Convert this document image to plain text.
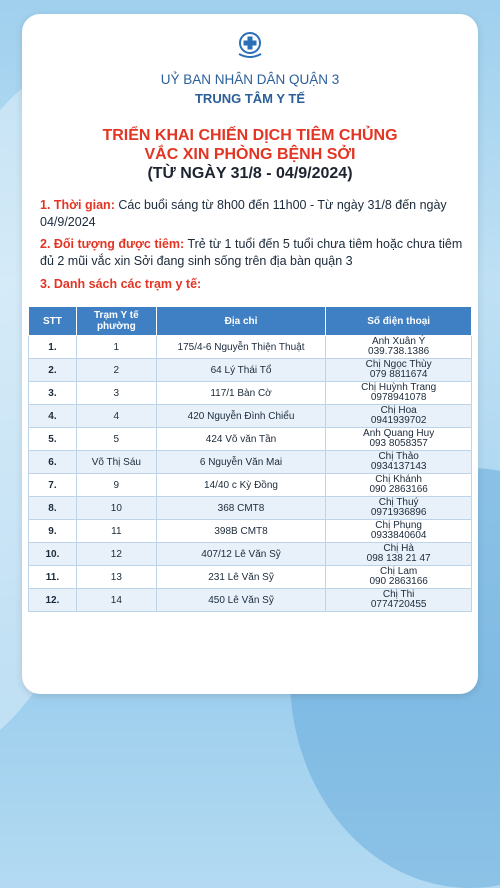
UỶ BAN NHÂN DÂN QUẬN 3
TRUNG TÂM Y TẾ
TRIỂN KHAI CHIẾN DỊCH TIÊM CHỦNG
VẮC XIN PHÒNG BỆNH SỞI
(TỪ NGÀY 31/8 - 04/9/2024)
1. Thời gian: Các buổi sáng từ 8h00 đến 11h00 - Từ ngày 31/8 đến ngày 04/9/2024
2. Đối tượng được tiêm: Trẻ từ 1 tuổi đến 5 tuổi chưa tiêm hoặc chưa tiêm đủ 2 mũi vắc xin Sởi đang sinh sống trên địa bàn quận 3
3. Danh sách các trạm y tế:
STT	Trạm Y tế phường	Địa chỉ	Số điện thoại
1.	1	175/4-6 Nguyễn Thiện Thuật	Anh Xuân Ý
039.738.1386

2.	2	64 Lý Thái Tổ	Chị Ngọc Thùy
079 8811674

3.	3	117/1 Bàn Cờ	Chị Huỳnh Trang
0978941078

4.	4	420 Nguyễn Đình Chiểu	Chị Hoa
0941939702

5.	5	424 Võ văn Tần	Anh Quang Huy
093 8058357

6.	Võ Thị Sáu	6 Nguyễn Văn Mai	Chị Thảo
0934137143

7.	9	14/40 c Kỳ Đồng	Chị Khánh
090 2863166

8.	10	368 CMT8	Chị Thuý
0971936896

9.	11	398B CMT8	Chị Phụng
0933840604

10.	12	407/12 Lê Văn Sỹ	Chị Hà
098 138 21 47

11.	13	231 Lê Văn Sỹ	Chị Lam
090 2863166

12.	14	450 Lê Văn Sỹ	Chị Thi
0774720455
